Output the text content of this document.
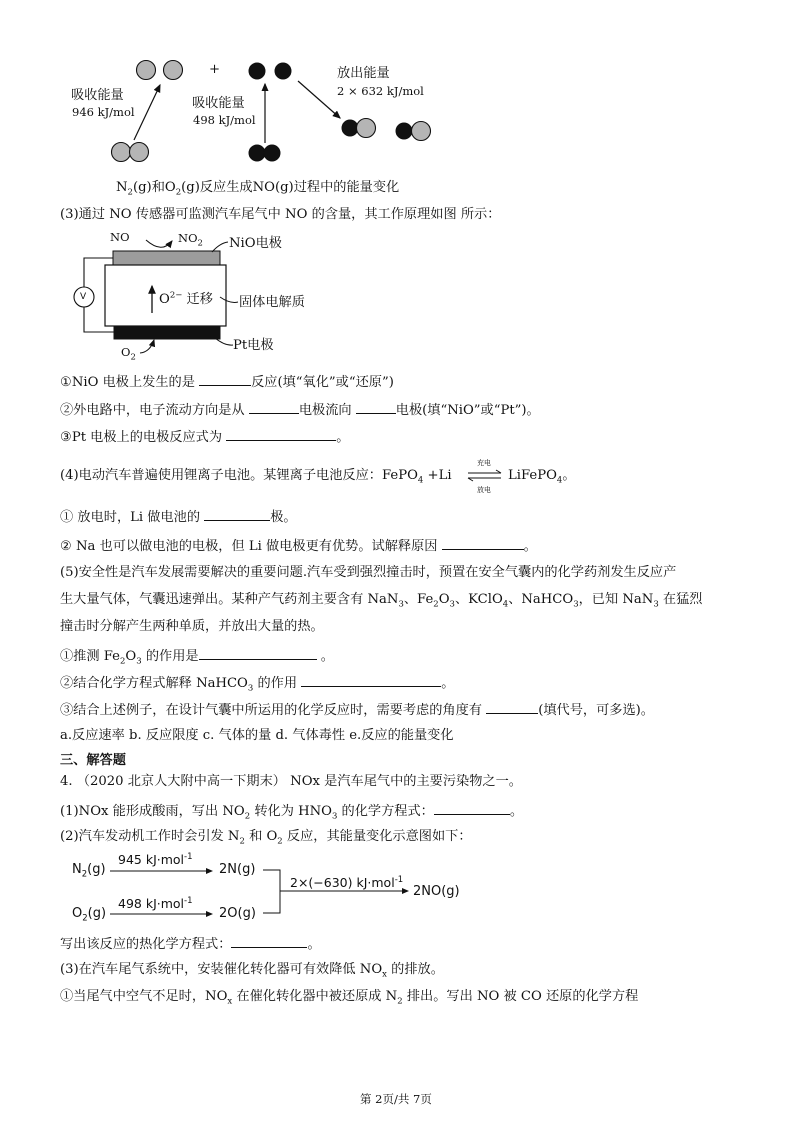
+
吸收能量
946 kJ/mol
吸收能量
498 kJ/mol
放出能量
2 × 632 kJ/mol
$N_2(g)$和$O_2(g)$反应生成NO(g)过程中的能量变化
(3)通过 NO 传感器可监测汽车尾气中 NO 的含量，其工作原理如图 所示：
NO	$NO_2$ NiO电极
V	$O^{2-}$ 迁移 固体电解质
$O_2$
Pt电极
①NiO 电极上发生的是	反应(填“氧化”或“还原”)
②外电路中，电子流动方向是从	电极流向	电极(填“NiO”或“Pt”)。
③Pt 电极上的电极反应式为	。
(4)电动汽车普遍使用锂离子电池。某锂离子电池反应：FePO$_4$ +Li ⇌
充电
放电
LiFePO$_4$。
① 放电时，Li 做电池的	极。
② Na 也可以做电池的电极，但 Li 做电极更有优势。试解释原因	。
(5)安全性是汽车发展需要解决的重要问题.汽车受到强烈撞击时，预置在安全气囊内的化学药剂发生反应产
生大量气体，气囊迅速弹出。某种产气药剂主要含有 NaN$_3$、$Fe_2O_3$、KClO$_4$、NaHCO$_3$，已知 NaN$_3$ 在猛烈
撞击时分解产生两种单质，并放出大量的热。
①推测 $Fe_2O_3$ 的作用是	。
②结合化学方程式解释 NaHCO$_3$ 的作用	。
③结合上述例子，在设计气囊中所运用的化学反应时，需要考虑的角度有	(填代号，可多选)。
a.反应速率 b. 反应限度 c. 气体的量 d. 气体毒性 e.反应的能量变化
三、解答题
4. （2020 北京人大附中高一下期末） NOx 是汽车尾气中的主要污染物之一。
(1)NOx 能形成酸雨，写出 $NO_2$ 转化为 $HNO_3$ 的化学方程式：	。
(2)汽车发动机工作时会引发 $N_2$ 和 $O_2$ 反应，其能量变化示意图如下：
$N_2(g)$
945 kJ·mol$^{-1}$
2N(g)
$O_2(g)$
498 kJ·mol$^{-1}$
2O(g)
2×(−630) kJ·mol$^{-1}$
2NO(g)
写出该反应的热化学方程式：	。
(3)在汽车尾气系统中，安装催化转化器可有效降低 $NO_x$ 的排放。
①当尾气中空气不足时，$NO_x$ 在催化转化器中被还原成 $N_2$ 排出。写出 NO 被 CO 还原的化学方程
第 2页/共 7页
